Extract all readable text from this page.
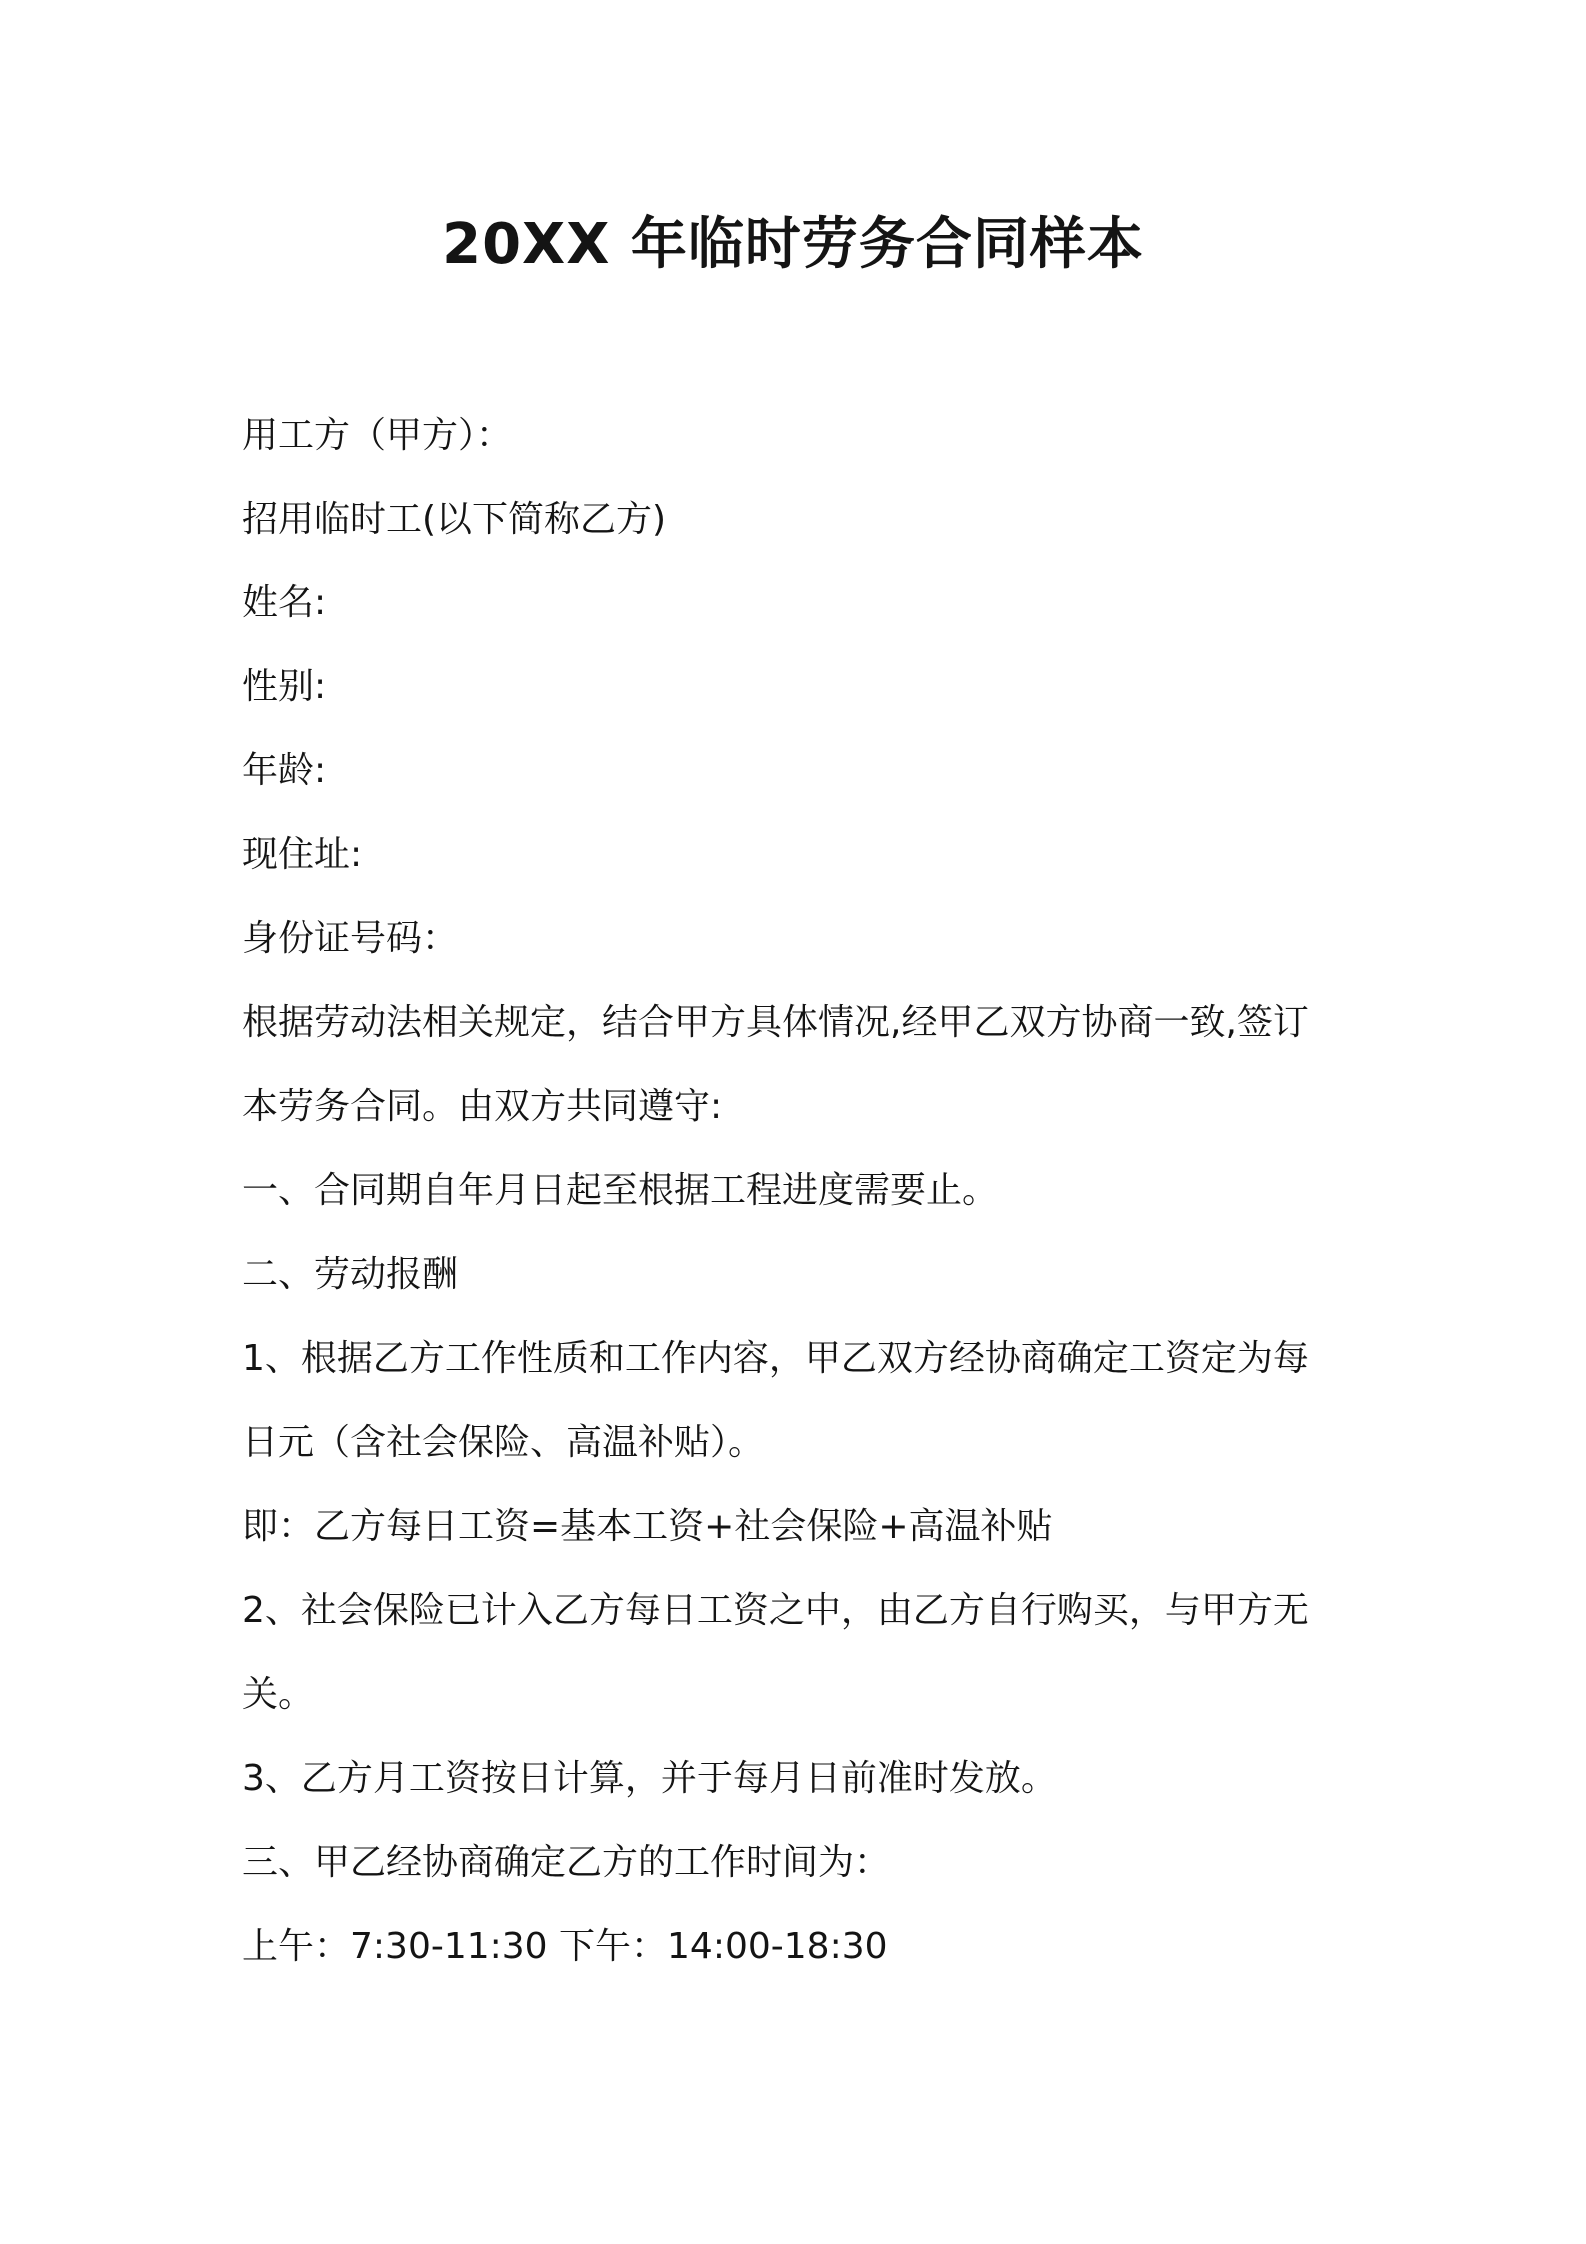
20XX 年临时劳务合同样本

用工方（甲方）：

招用临时工(以下简称乙方)

姓名:

性别:

年龄:

现住址:

身份证号码：

根据劳动法相关规定，结合甲方具体情况,经甲乙双方协商一致,签订

本劳务合同。由双方共同遵守:

一、合同期自年月日起至根据工程进度需要止。

二、劳动报酬

1、根据乙方工作性质和工作内容，甲乙双方经协商确定工资定为每

日元（含社会保险、高温补贴）。

即：乙方每日工资=基本工资+社会保险+高温补贴

2、社会保险已计入乙方每日工资之中，由乙方自行购买，与甲方无

关。

3、乙方月工资按日计算，并于每月日前准时发放。

三、甲乙经协商确定乙方的工作时间为：

上午：7:30-11:30 下午：14:00-18:30
